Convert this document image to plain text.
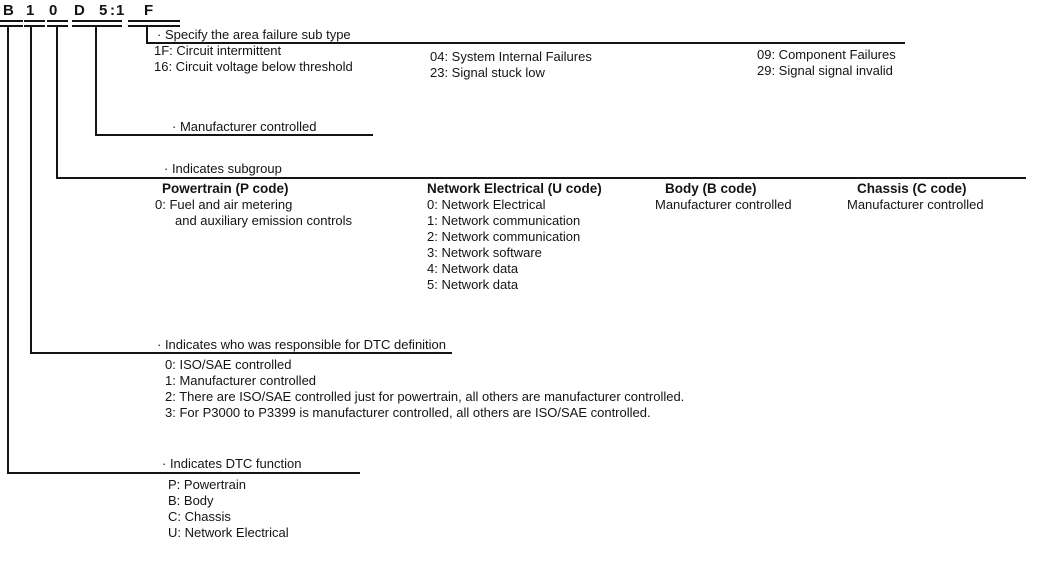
B 1 0 D 5 : 1 F
· Specify the area failure sub type
1F: Circuit intermittent
16: Circuit voltage below threshold
04: System Internal Failures
23: Signal stuck low
09: Component Failures
29: Signal signal invalid
· Manufacturer controlled
· Indicates subgroup
Powertrain (P code)
0: Fuel and air metering
and auxiliary emission controls
Network Electrical (U code)
0: Network Electrical
1: Network communication
2: Network communication
3: Network software
4: Network data
5: Network data
Body (B code)
Manufacturer controlled
Chassis (C code)
Manufacturer controlled
· Indicates who was responsible for DTC definition
0: ISO/SAE controlled
1: Manufacturer controlled
2: There are ISO/SAE controlled just for powertrain, all others are manufacturer controlled.
3: For P3000 to P3399 is manufacturer controlled, all others are ISO/SAE controlled.
· Indicates DTC function
P: Powertrain
B: Body
C: Chassis
U: Network Electrical
